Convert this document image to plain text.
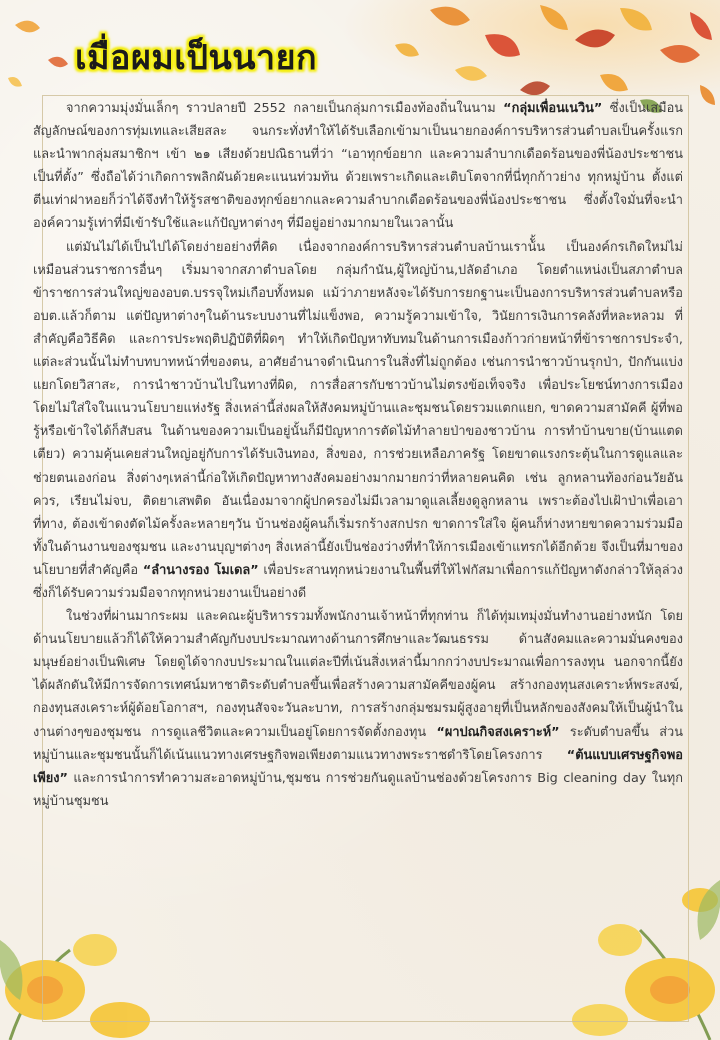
เมื่อผมเป็นนายก

จากความมุ่งมั่นเล็กๆ ราวปลายปี 2552 กลายเป็นกลุ่มการเมืองท้องถิ่นในนาม “กลุ่มเพื่อนเนวิน” ซึ่งเป็นเสมือนสัญลักษณ์ของการทุ่มเทและเสียสละ จนกระทั่งทำให้ได้รับเลือกเข้ามาเป็นนายกองค์การบริหารส่วนตำบลเป็นครั้งแรก และนำพากลุ่มสมาชิกฯ เข้า ๒๑ เสียงด้วยปณิธานที่ว่า “เอาทุกข์อยาก และความลำบากเดือดร้อนของพี่น้องประชาชน เป็นที่ตั้ง” ซึ่งถือได้ว่าเกิดการพลิกผันด้วยคะแนนท่วมท้น ด้วยเพราะเกิดและเติบโตจากที่นี่ทุกก้าวย่าง ทุกหมู่บ้าน ตั้งแต่ตีนเท่าฝาหอยก็ว่าได้จึงทำให้รู้รสชาติของทุกข์อยากและความลำบากเดือดร้อนของพี่น้องประชาชน ซึ่งตั้งใจมั่นที่จะนำองค์ความรู้เท่าที่มีเข้ารับใช้และแก้ปัญหาต่างๆ ที่มีอยู่อย่างมากมายในเวลานั้น

แต่มันไม่ได้เป็นไปได้โดยง่ายอย่างที่คิด เนื่องจากองค์การบริหารส่วนตำบลบ้านเราน้ั้น เป็นองค์กรเกิดใหม่ไม่เหมือนส่วนราชการอื่นๆ เริ่มมาจากสภาตำบลโดย กลุ่มกำนัน,ผู้ใหญ่บ้าน,ปลัดอำเภอ โดยตำแหน่งเป็นสภาตำบล ข้าราชการส่วนใหญ่ของอบต.บรรจุใหม่เกือบทั้งหมด แม้ว่าภายหลังจะได้รับการยกฐานะเป็นองการบริหารส่วนตำบลหรืออบต.แล้วก็ตาม แต่ปัญหาต่างๆในด้านระบบงานที่ไม่แข็งพอ, ความรู้ความเข้าใจ, วินัยการเงินการคลังที่หละหลวม ที่สำคัญคือวิธีคิด และการประพฤติปฏิบัติที่ผิดๆ ทำให้เกิดปัญหาทับทมในด้านการเมืองก้าวก่ายหน้าที่ข้าราชการประจำ, แต่ละส่วนนั้นไม่ทำบทบาทหน้าที่ของตน, อาศัยอำนาจดำเนินการในสิ่งที่ไม่ถูกต้อง เช่นการนำชาวบ้านรุกป่า, ปักกันแบ่งแยกโดยวิสาสะ, การนำชาวบ้านไปในทางที่ผิด, การสื่อสารกับชาวบ้านไม่ตรงข้อเท็จจริง เพื่อประโยชน์ทางการเมือง โดยไม่ใส่ใจในแนวนโยบายแห่งรัฐ สิ่งเหล่านี้ส่งผลให้สังคมหมู่บ้านและชุมชนโดยรวมแตกแยก, ขาดความสามัคคี ผู้ที่พอรู้หรือเข้าใจได้ก็สับสน ในด้านของความเป็นอยู่นั้นก็มีปัญหาการตัดไม้ทำลายป่าของชาวบ้าน การทำบ้านขาย(บ้านแตดเตียว) ความคุ้นเคยส่วนใหญ่อยู่กับการได้รับเงินทอง, สิ่งของ, การช่วยเหลือภาครัฐ โดยขาดแรงกระตุ้นในการดูแลและช่วยตนเองก่อน สิ่งต่างๆเหล่านี้ก่อให้เกิดปัญหาทางสังคมอย่างมากมายกว่าที่หลายคนคิด เช่น ลูกหลานท้องก่อนวัยอันควร, เรียนไม่จบ, ติดยาเสพติด อันเนื่องมาจากผู้ปกครองไม่มีเวลามาดูแลเลี้ยงดูลูกหลาน เพราะต้องไปเฝ้าป่าเพื่อเอาที่ทาง, ต้องเข้าดงตัดไม้ครั้งละหลายๆวัน บ้านช่องผู้คนก็เริ่มรกร้างสกปรก ขาดการใส่ใจ ผู้คนก็ห่างหายขาดความร่วมมือทั้งในด้านงานของชุมชน และงานบุญฯต่างๆ สิ่งเหล่านี้ยังเป็นช่องว่างที่ทำให้การเมืองเข้าแทรกได้อีกด้วย จึงเป็นที่มาของนโยบายที่สำคัญคือ “ลำนางรอง โมเดล” เพื่อประสานทุกหน่วยงานในพื้นที่ให้ไฟกัสมาเพื่อการแก้ปัญหาดังกล่าวให้ลุล่วงซึ่งก็ได้รับความร่วมมือจากทุกหน่วยงานเป็นอย่างดี

ในช่วงที่ผ่านมากระผม และคณะผู้บริหารรวมทั้งพนักงานเจ้าหน้าที่ทุกท่าน ก็ได้ทุ่มเทมุ่งมั่นทำงานอย่างหนัก โดยด้านนโยบายแล้วก็ได้ให้ความสำคัญกับงบประมาณทางด้านการศึกษาและวัฒนธรรม ด้านสังคมและความมั่นคงของมนุษย์อย่างเป็นพิเศษ โดยดูได้จากงบประมาณในแต่ละปีที่เน้นสิ่งเหล่านี้มากกว่างบประมาณเพื่อการลงทุน นอกจากนี้ยังได้ผลักดันให้มีการจัดการเทศน์มหาชาติระดับตำบลขึ้นเพื่อสร้างความสามัคคีของผู้คน สร้างกองทุนสงเคราะห์พระสงฆ์, กองทุนสงเคราะห์ผู้ด้อยโอกาสฯ, กองทุนสัจจะวันละบาท, การสร้างกลุ่มชมรมผู้สูงอายุที่เป็นหลักของสังคมให้เป็นผู้นำในงานต่างๆของชุมชน การดูแลชีวิตและความเป็นอยู่โดยการจัดตั้งกองทุน “ผาปณกิจสงเคราะห์” ระดับตำบลขึ้น ส่วนหมู่บ้านและชุมชนนั้นก็ได้เน้นแนวทางเศรษฐกิจพอเพียงตามแนวทางพระราชดำริโดยโครงการ “ต้นแบบเศรษฐกิจพอเพียง” และการนำการทำความสะอาดหมู่บ้าน,ชุมชน การช่วยกันดูแลบ้านช่องด้วยโครงการ Big cleaning day ในทุกหมู่บ้านชุมชน
